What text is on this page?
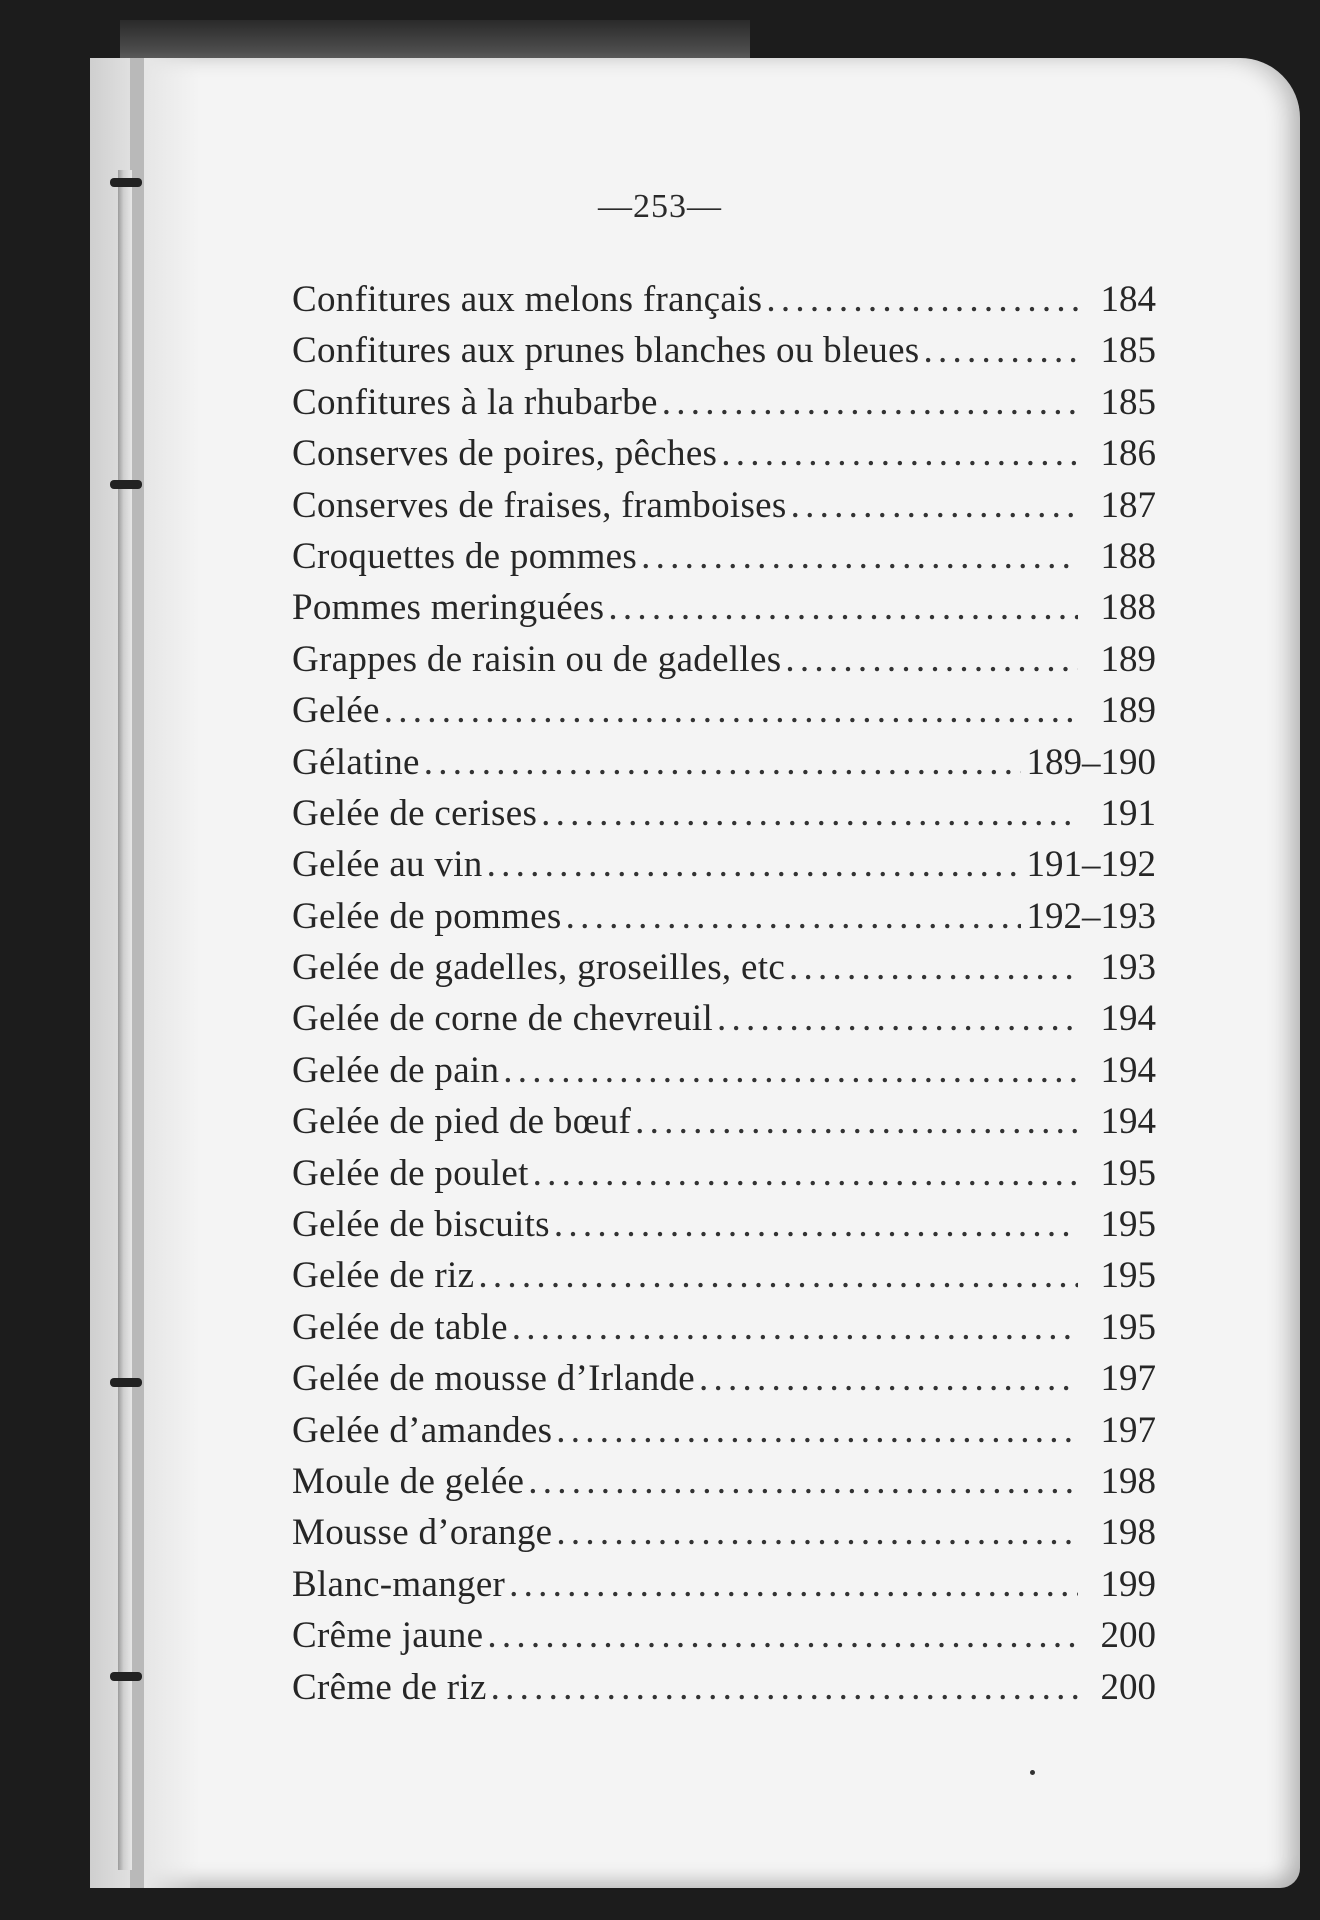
—253—
Confitures aux melons français . . .	184
Confitures aux prunes blanches ou bleues . . .	185
Confitures à la rhubarbe . . .	185
Conserves de poires, pêches . . .	186
Conserves de fraises, framboises . . .	187
Croquettes de pommes . . .	188
Pommes meringuées . . .	188
Grappes de raisin ou de gadelles . . .	189
Gelée . . .	189
Gélatine . . .	189–190
Gelée de cerises . . .	191
Gelée au vin . . .	191–192
Gelée de pommes . . .	192–193
Gelée de gadelles, groseilles, etc . . .	193
Gelée de corne de chevreuil . . .	194
Gelée de pain . . .	194
Gelée de pied de bœuf . . .	194
Gelée de poulet . . .	195
Gelée de biscuits . . .	195
Gelée de riz . . .	195
Gelée de table . . .	195
Gelée de mousse d’Irlande . . .	197
Gelée d’amandes . . .	197
Moule de gelée . . .	198
Mousse d’orange . . .	198
Blanc-manger . . .	199
Crême jaune . . .	200
Crême de riz . . .	200
